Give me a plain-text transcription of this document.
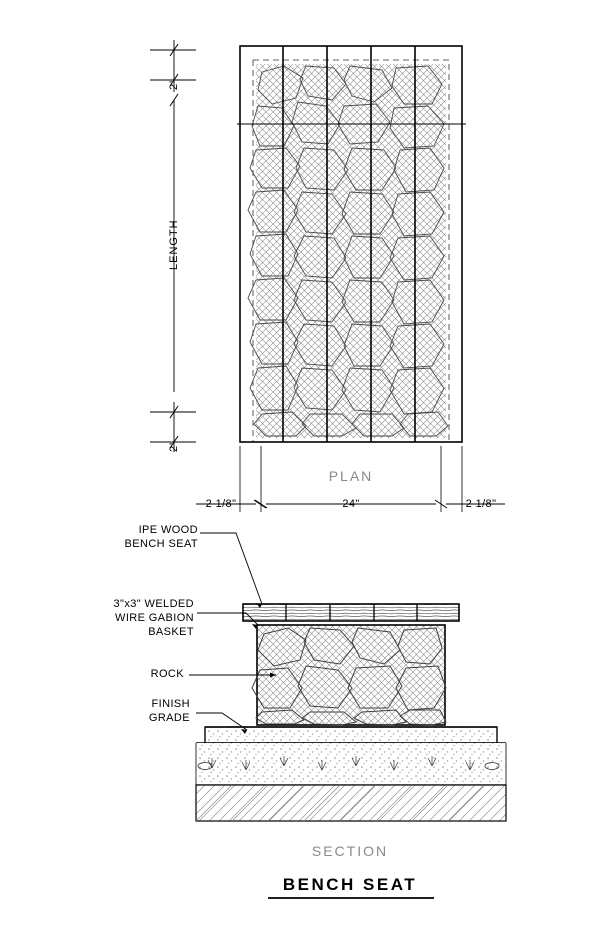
2"
LENGTH
2"
2 1/8"	24"	2 1/8"
PLAN
IPE WOOD
BENCH SEAT
3"x3" WELDED
WIRE GABION
BASKET
ROCK
FINISH
GRADE
SECTION
BENCH SEAT
